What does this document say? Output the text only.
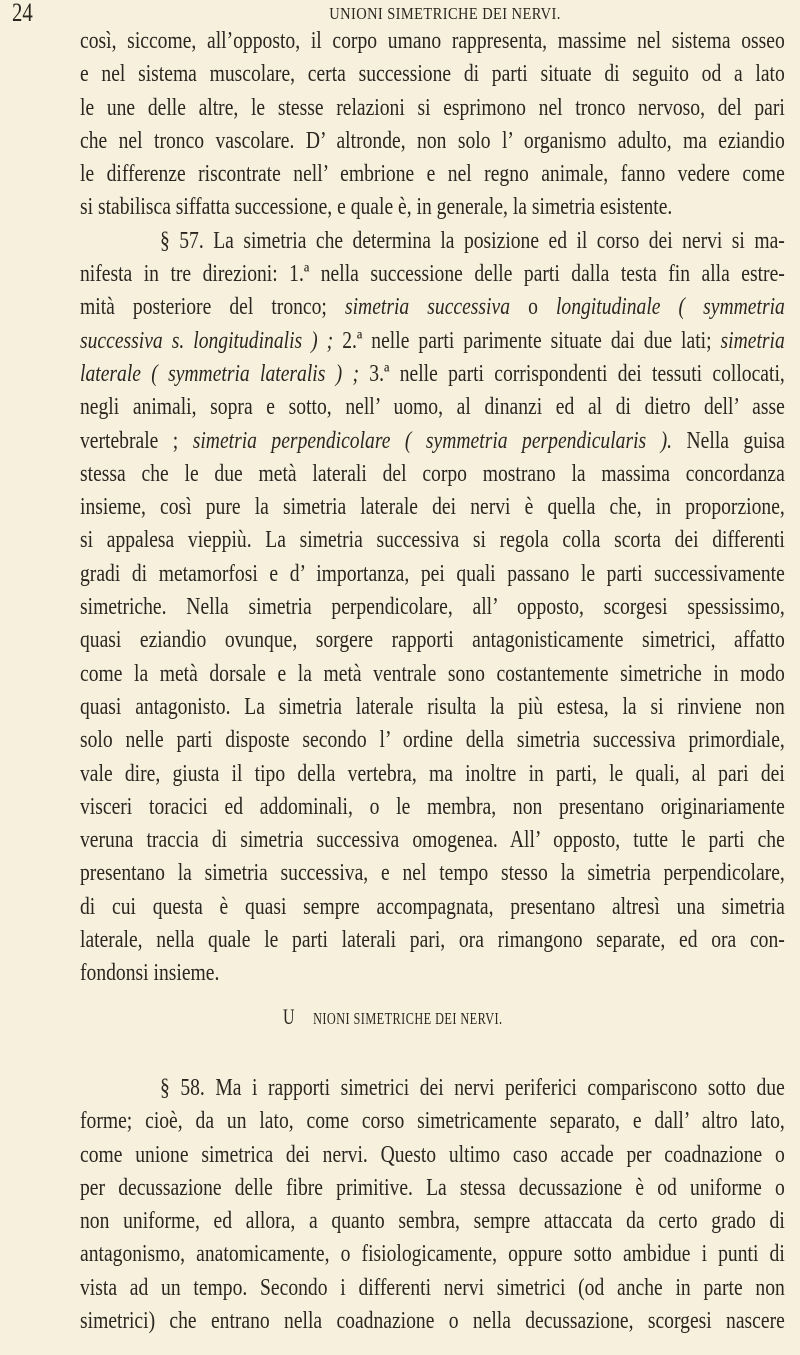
24	UNIONI SIMETRICHE DEI NERVI.
così, siccome, all’opposto, il corpo umano rappresenta, massime nel sistema osseo
e nel sistema muscolare, certa successione di parti situate di seguito od a lato
le une delle altre, le stesse relazioni si esprimono nel tronco nervoso, del pari
che nel tronco vascolare. D’ altronde, non solo l’ organismo adulto, ma eziandio
le differenze riscontrate nell’ embrione e nel regno animale, fanno vedere come
si stabilisca siffatta successione, e quale è, in generale, la simetria esistente.
§ 57. La simetria che determina la posizione ed il corso dei nervi si ma-
nifesta in tre direzioni: 1.ª nella successione delle parti dalla testa fin alla estre-
mità posteriore del tronco; simetria successiva o longitudinale ( symmetria
successiva s. longitudinalis ) ; 2.ª nelle parti parimente situate dai due lati; simetria
laterale ( symmetria lateralis ) ; 3.ª nelle parti corrispondenti dei tessuti collocati,
negli animali, sopra e sotto, nell’ uomo, al dinanzi ed al di dietro dell’ asse
vertebrale ; simetria perpendicolare ( symmetria perpendicularis ). Nella guisa
stessa che le due metà laterali del corpo mostrano la massima concordanza
insieme, così pure la simetria laterale dei nervi è quella che, in proporzione,
si appalesa vieppiù. La simetria successiva si regola colla scorta dei differenti
gradi di metamorfosi e d’ importanza, pei quali passano le parti successivamente
simetriche. Nella simetria perpendicolare, all’ opposto, scorgesi spessissimo,
quasi eziandio ovunque, sorgere rapporti antagonisticamente simetrici, affatto
come la metà dorsale e la metà ventrale sono costantemente simetriche in modo
quasi antagonisto. La simetria laterale risulta la più estesa, la si rinviene non
solo nelle parti disposte secondo l’ ordine della simetria successiva primordiale,
vale dire, giusta il tipo della vertebra, ma inoltre in parti, le quali, al pari dei
visceri toracici ed addominali, o le membra, non presentano originariamente
veruna traccia di simetria successiva omogenea. All’ opposto, tutte le parti che
presentano la simetria successiva, e nel tempo stesso la simetria perpendicolare,
di cui questa è quasi sempre accompagnata, presentano altresì una simetria
laterale, nella quale le parti laterali pari, ora rimangono separate, ed ora con-
fondonsi insieme.
U NIONI SIMETRICHE DEI NERVI.
§ 58. Ma i rapporti simetrici dei nervi periferici compariscono sotto due
forme; cioè, da un lato, come corso simetricamente separato, e dall’ altro lato,
come unione simetrica dei nervi. Questo ultimo caso accade per coadnazione o
per decussazione delle fibre primitive. La stessa decussazione è od uniforme o
non uniforme, ed allora, a quanto sembra, sempre attaccata da certo grado di
antagonismo, anatomicamente, o fisiologicamente, oppure sotto ambidue i punti di
vista ad un tempo. Secondo i differenti nervi simetrici (od anche in parte non
simetrici) che entrano nella coadnazione o nella decussazione, scorgesi nascere
